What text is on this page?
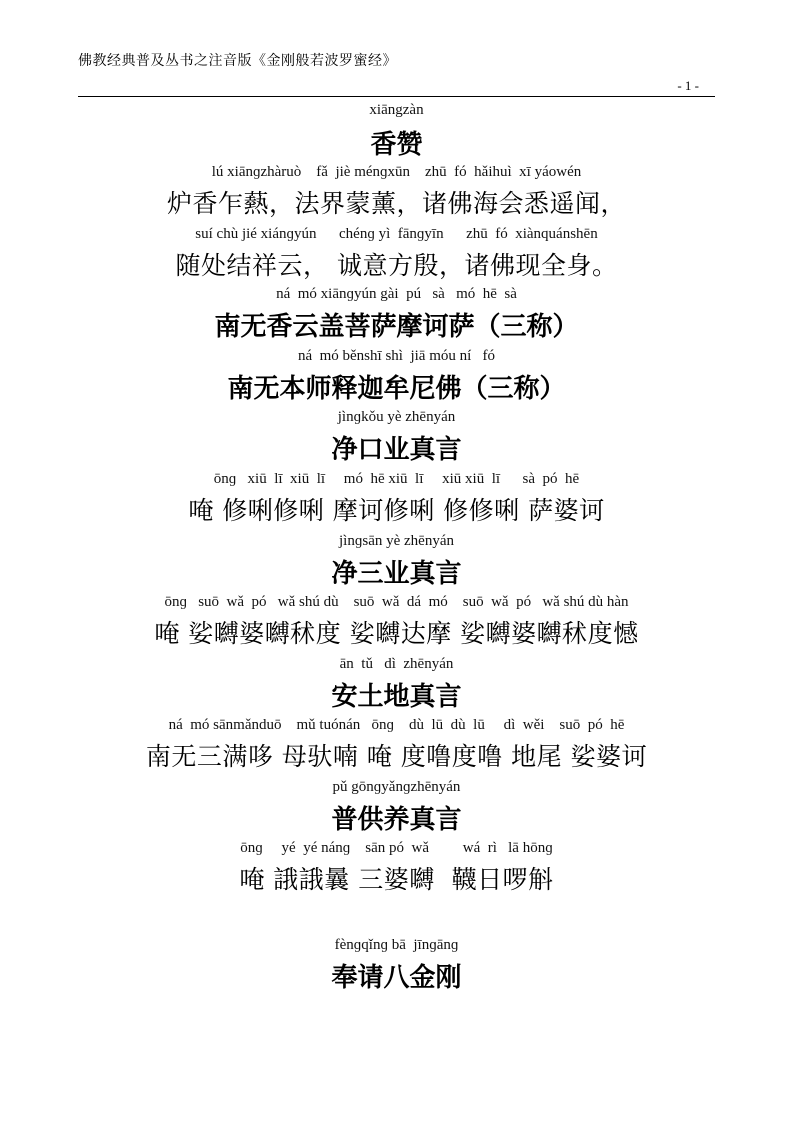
佛教经典普及丛书之注音版《金刚般若波罗蜜经》
- 1 -
xiāngzàn
香赞
lú xiānɡzhàruò    fǎ  jiè ménɡxūn    zhū  fó  hǎihuì  xī yáowén
炉香乍爇，法界蒙薰，诸佛海会悉遥闻，
suí chù jié xiánɡyún      chénɡ yì  fānɡyīn      zhū  fó  xiànquánshēn
随处结祥云， 诚意方殷，诸佛现全身。
ná  mó xiānɡyún gài  pú   sà   mó  hē  sà
南无香云盖菩萨摩诃萨（三称）
ná  mó běnshī shì  jiā móu ní   fó
南无本师释迦牟尼佛（三称）
jìnɡkǒu yè zhēnyán
净口业真言
ōnɡ   xiū  lī  xiū  lī     mó  hē xiū  lī     xiū xiū  lī      sà  pó  hē
唵 修唎修唎 摩诃修唎 修修唎 萨婆诃
jìnɡsān yè zhēnyán
净三业真言
ōnɡ   suō  wǎ  pó   wǎ shú dù    suō  wǎ  dá  mó    suō  wǎ  pó   wǎ shú dù hàn
唵 娑嚩婆嚩秫度 娑嚩达摩 娑嚩婆嚩秫度憾
ān  tǔ   dì  zhēnyán
安土地真言
ná  mó sānmǎnduō    mǔ tuónán   ōnɡ    dù  lū  dù  lū     dì  wěi    suō  pó  hē
南无三满哆 母驮喃 唵 度噜度噜 地尾 娑婆诃
pǔ gōnɡyǎnɡzhēnyán
普供养真言
ōnɡ     yé  yé nánɡ    sān pó  wǎ         wá  rì   lā hōnɡ
唵 誐誐曩 三婆嚩  韈日啰斛
fènɡqǐnɡ bā  jīnɡānɡ
奉请八金刚
